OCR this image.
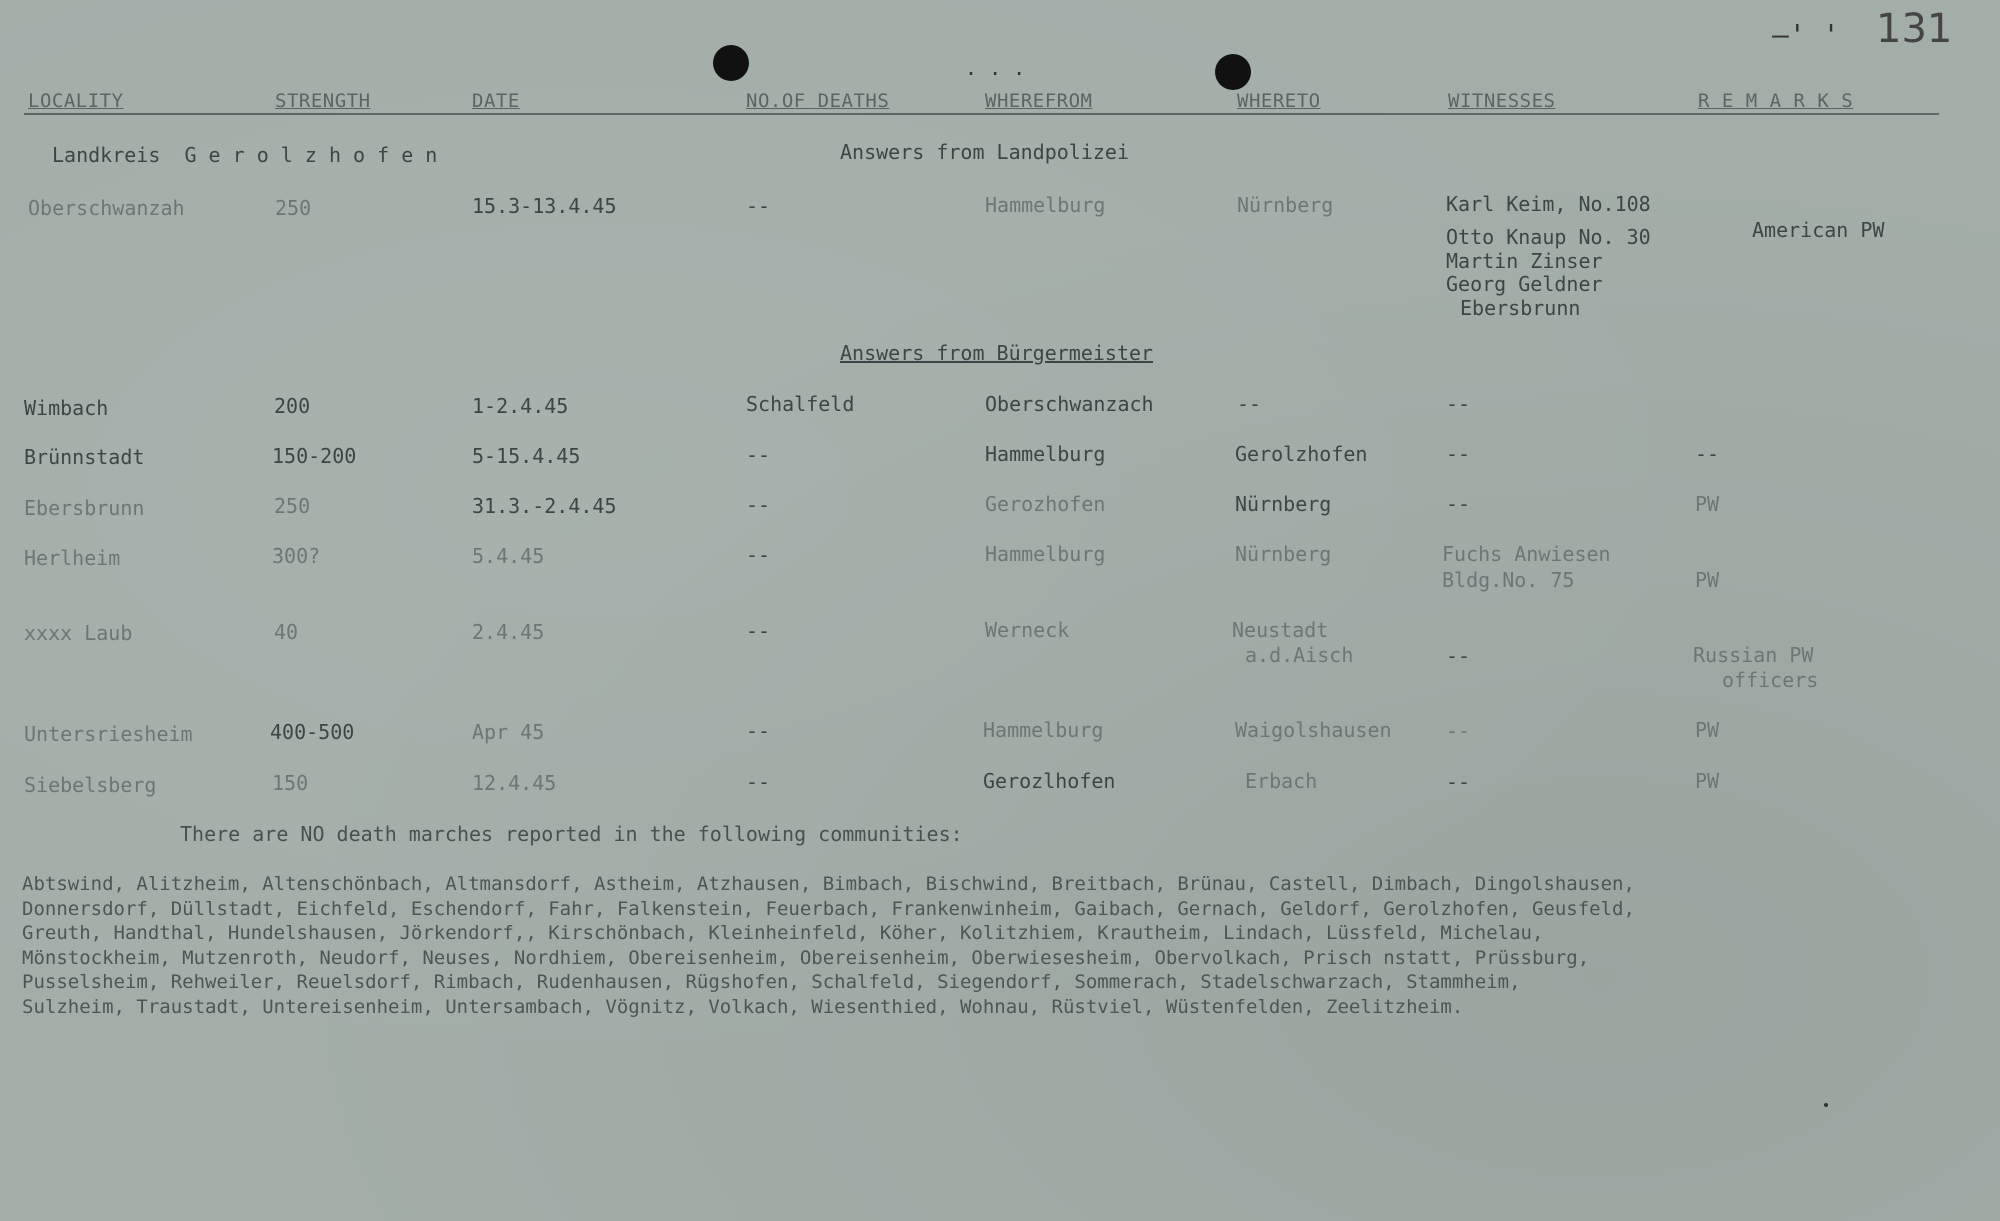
. . .
—' ' 131
LOCALITY	STRENGTH	DATE	NO.OF DEATHS	WHEREFROM	WHERETO	WITNESSES	R E M A R K S
Landkreis  G e r o l z h o f e n	Answers from Landpolizei
Answers from Bürgermeister
Oberschwanzah	250	15.3-13.4.45	--	Hammelburg	Nürnberg	Karl Keim, No.108
Otto Knaup No. 30
Martin Zinser
Georg Geldner
Ebersbrunn
American PW
Wimbach	200	1-2.4.45	Schalfeld	Oberschwanzach	--	--
Brünnstadt	150-200	5-15.4.45	--	Hammelburg	Gerolzhofen	--	--
Ebersbrunn	250	31.3.-2.4.45	--	Gerozhofen	Nürnberg	--	PW
Herlheim	300?	5.4.45	--	Hammelburg	Nürnberg	Fuchs Anwiesen
Bldg.No. 75	PW
xxxx Laub	40	2.4.45	--	Werneck	Neustadt
a.d.Aisch	--	Russian PW
officers
Untersriesheim	400-500	Apr 45	--	Hammelburg	Waigolshausen	--	PW
Siebelsberg	150	12.4.45	--	Gerozlhofen	Erbach	--	PW
There are NO death marches reported in the following communities:

Abtswind, Alitzheim, Altenschönbach, Altmansdorf, Astheim, Atzhausen, Bimbach, Bischwind, Breitbach, Brünau, Castell, Dimbach, Dingolshausen,

Donnersdorf, Düllstadt, Eichfeld, Eschendorf, Fahr, Falkenstein, Feuerbach, Frankenwinheim, Gaibach, Gernach, Geldorf, Gerolzhofen, Geusfeld,

Greuth, Handthal, Hundelshausen, Jörkendorf,, Kirschönbach, Kleinheinfeld, Köher, Kolitzhiem, Krautheim, Lindach, Lüssfeld, Michelau,

Mönstockheim, Mutzenroth, Neudorf, Neuses, Nordhiem, Obereisenheim, Obereisenheim, Oberwiesesheim, Obervolkach, Prisch nstatt, Prüssburg,

Pusselsheim, Rehweiler, Reuelsdorf, Rimbach, Rudenhausen, Rügshofen, Schalfeld, Siegendorf, Sommerach, Stadelschwarzach, Stammheim,

Sulzheim, Traustadt, Untereisenheim, Untersambach, Vögnitz, Volkach, Wiesenthied, Wohnau, Rüstviel, Wüstenfelden, Zeelitzheim.
